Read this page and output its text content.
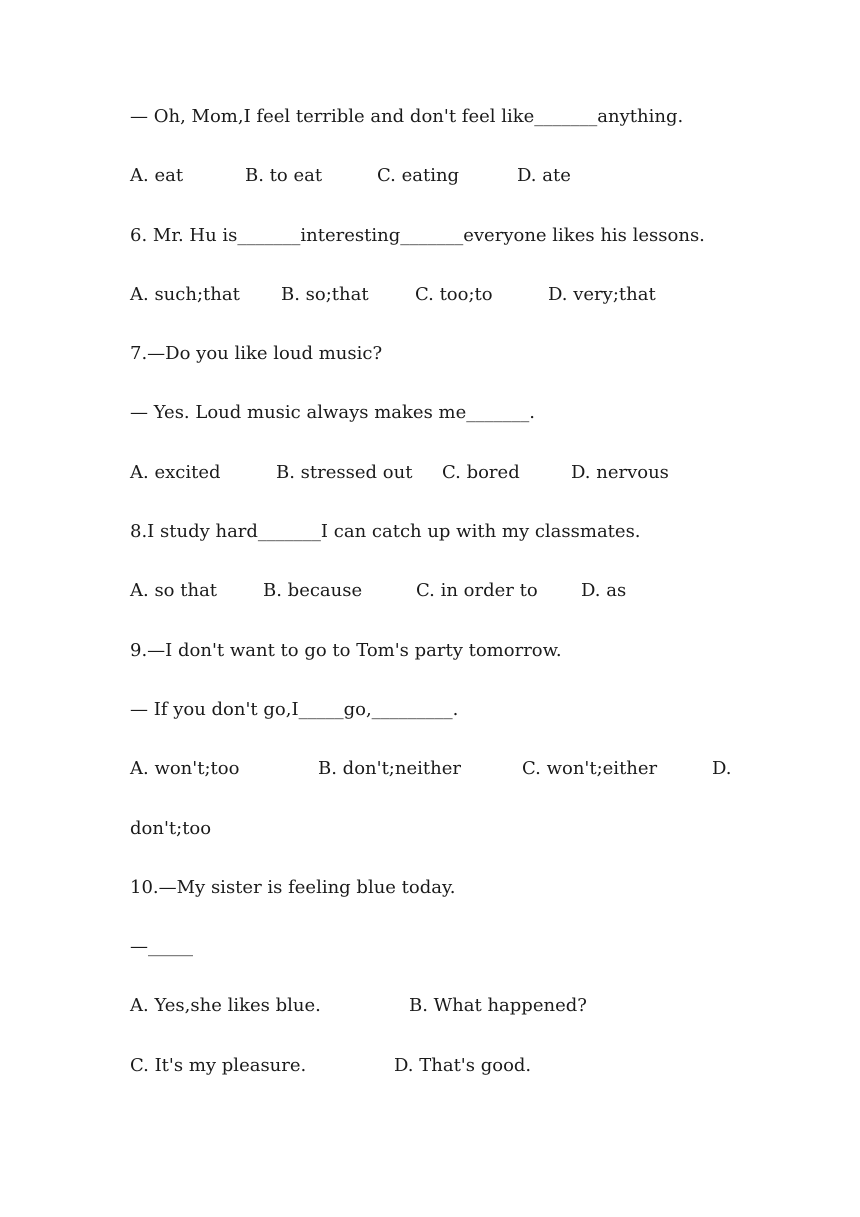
— Oh, Mom,I feel terrible and don't feel like_______anything.

A. eat

	B. to eat

	C. eating

	D. ate

6. Mr. Hu is_______interesting_______everyone likes his lessons.

A. such;that

B. so;that

	C. too;to

	D. very;that

7.—Do you like loud music?
— Yes. Loud music always makes me_______.

A. excited

	B. stressed out

C. bored

	D. nervous

8.I study hard_______I can catch up with my classmates.

A. so that

	B. because

	C. in order to

D. as

9.—I don't want to go to Tom's party tomorrow.
— If you don't go,I_____go,_________.

A. won't;too

	B. don't;neither

	C. won't;either

	D.

don't;too
10.—My sister is feeling blue today.
—_____

A. Yes,she likes blue.

	B. What happened?

C. It's my pleasure.

	D. That's good.
